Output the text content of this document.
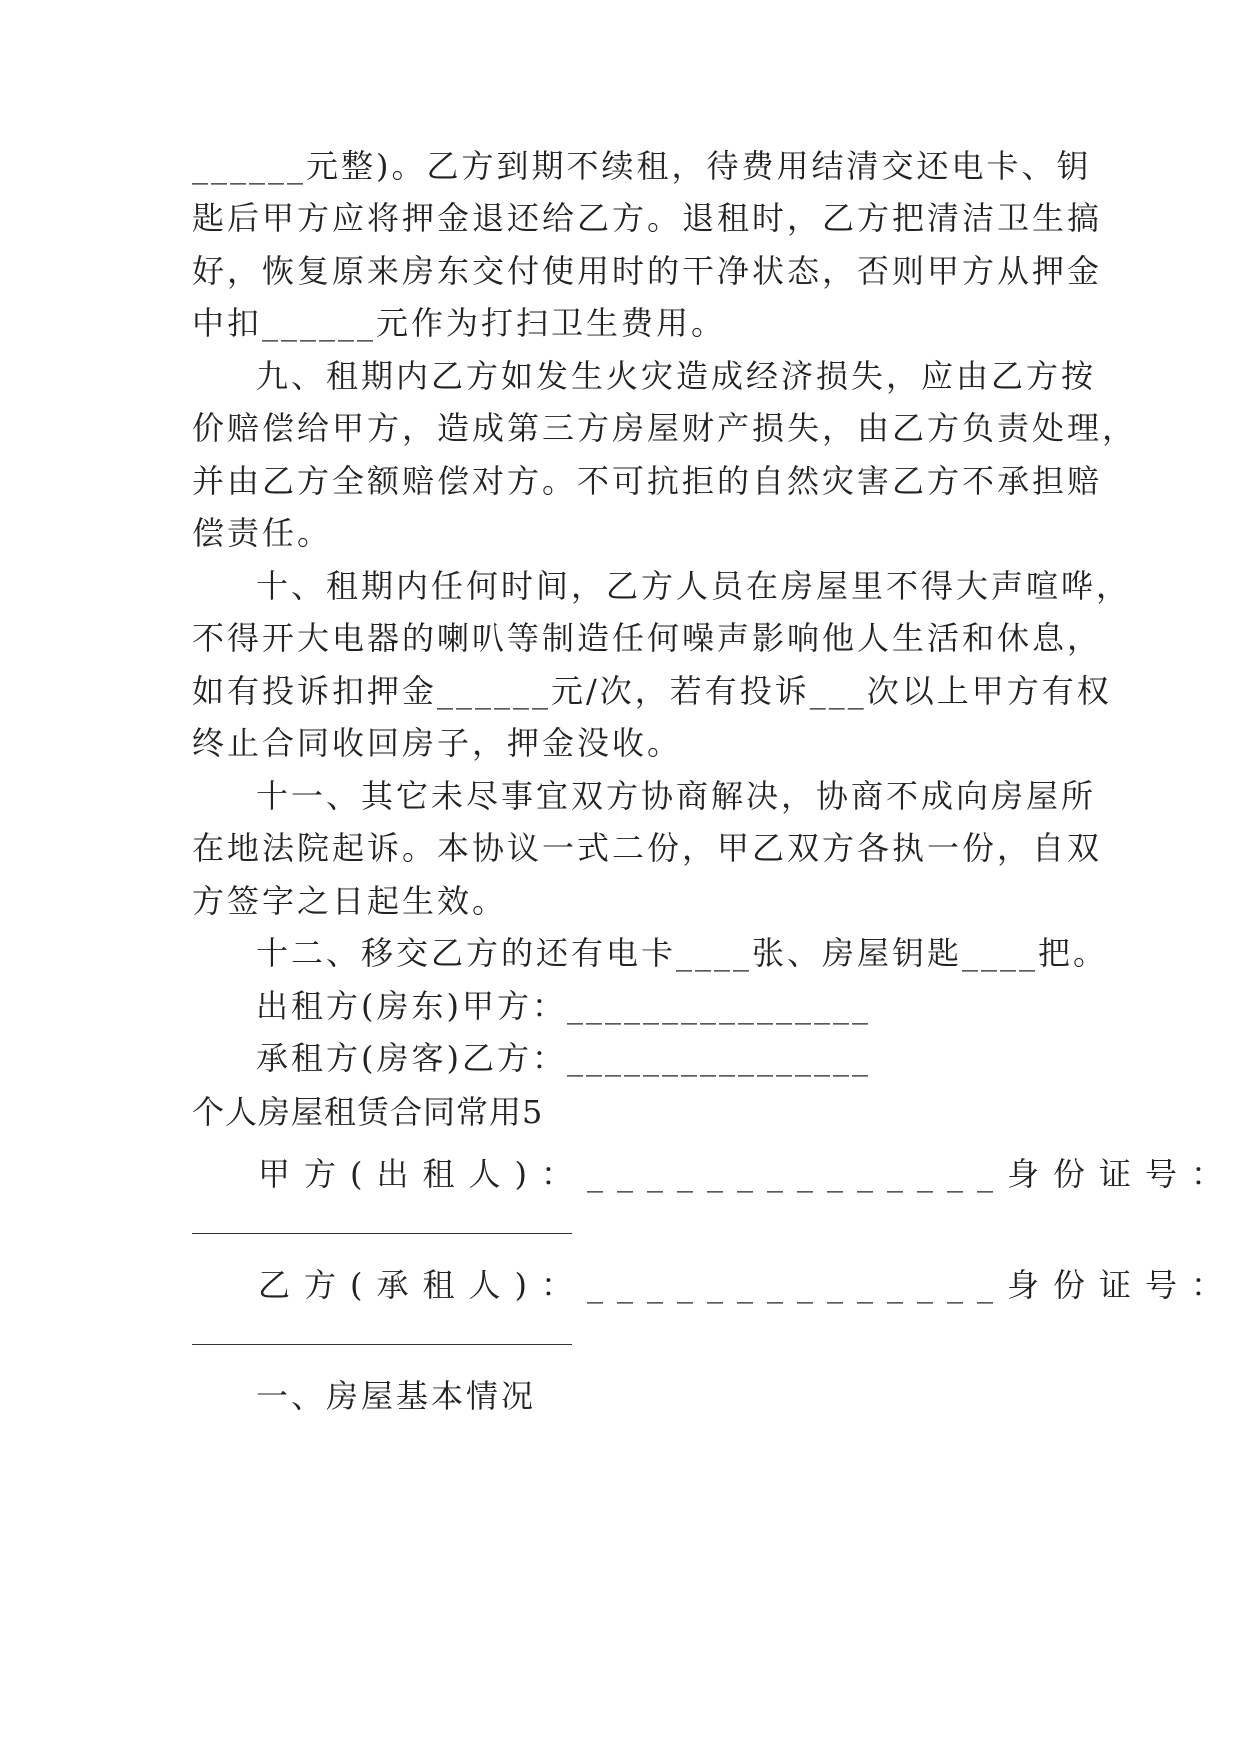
______元整)。乙方到期不续租，待费用结清交还电卡、钥
匙后甲方应将押金退还给乙方。退租时，乙方把清洁卫生搞
好，恢复原来房东交付使用时的干净状态，否则甲方从押金
中扣______元作为打扫卫生费用。
九、租期内乙方如发生火灾造成经济损失，应由乙方按
价赔偿给甲方，造成第三方房屋财产损失，由乙方负责处理，
并由乙方全额赔偿对方。不可抗拒的自然灾害乙方不承担赔
偿责任。
十、租期内任何时间，乙方人员在房屋里不得大声喧哗，
不得开大电器的喇叭等制造任何噪声影响他人生活和休息，
如有投诉扣押金______元/次，若有投诉___次以上甲方有权
终止合同收回房子，押金没收。
十一、其它未尽事宜双方协商解决，协商不成向房屋所
在地法院起诉。本协议一式二份，甲乙双方各执一份，自双
方签字之日起生效。
十二、移交乙方的还有电卡____张、房屋钥匙____把。
出租方(房东)甲方：________________
承租方(房客)乙方：________________
个人房屋租赁合同常用5
甲方(出租人)：______________身份证号：
乙方(承租人)：______________身份证号：
一、房屋基本情况
